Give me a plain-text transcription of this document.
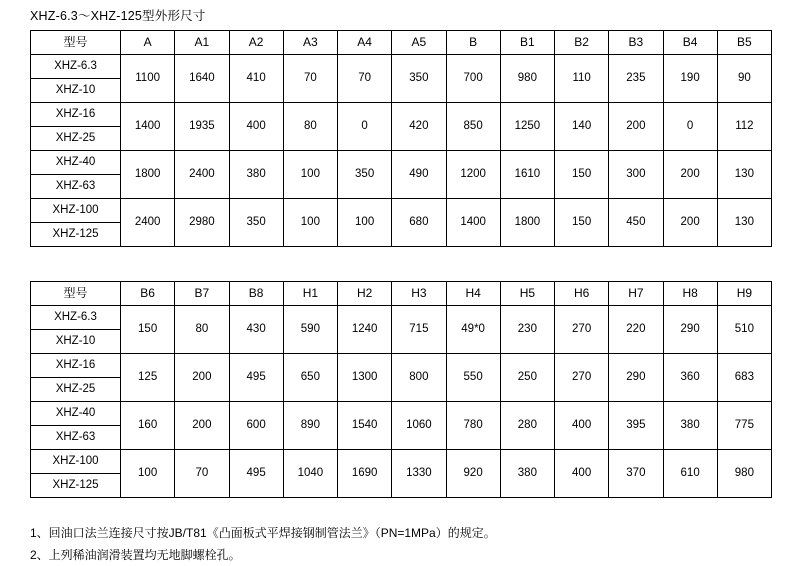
XHZ-6.3～XHZ-125型外形尺寸
型号	A	A1	A2	A3	A4	A5	B	B1	B2	B3	B4	B5
XHZ-6.3	1100	1640	410	70	70	350	700	980	110	235	190	90
XHZ-10												
XHZ-16	1400	1935	400	80	0	420	850	1250	140	200	0	112
XHZ-25												
XHZ-40	1800	2400	380	100	350	490	1200	1610	150	300	200	130
XHZ-63												
XHZ-100	2400	2980	350	100	100	680	1400	1800	150	450	200	130
XHZ-125												
型号	B6	B7	B8	H1	H2	H3	H4	H5	H6	H7	H8	H9
XHZ-6.3	150	80	430	590	1240	715	49*0	230	270	220	290	510
XHZ-10												
XHZ-16	125	200	495	650	1300	800	550	250	270	290	360	683
XHZ-25												
XHZ-40	160	200	600	890	1540	1060	780	280	400	395	380	775
XHZ-63												
XHZ-100	100	70	495	1040	1690	1330	920	380	400	370	610	980
XHZ-125												
1、回油口法兰连接尺寸按JB/T81《凸面板式平焊接钢制管法兰》（PN=1MPa）的规定。
2、上列稀油润滑装置均无地脚螺栓孔。
